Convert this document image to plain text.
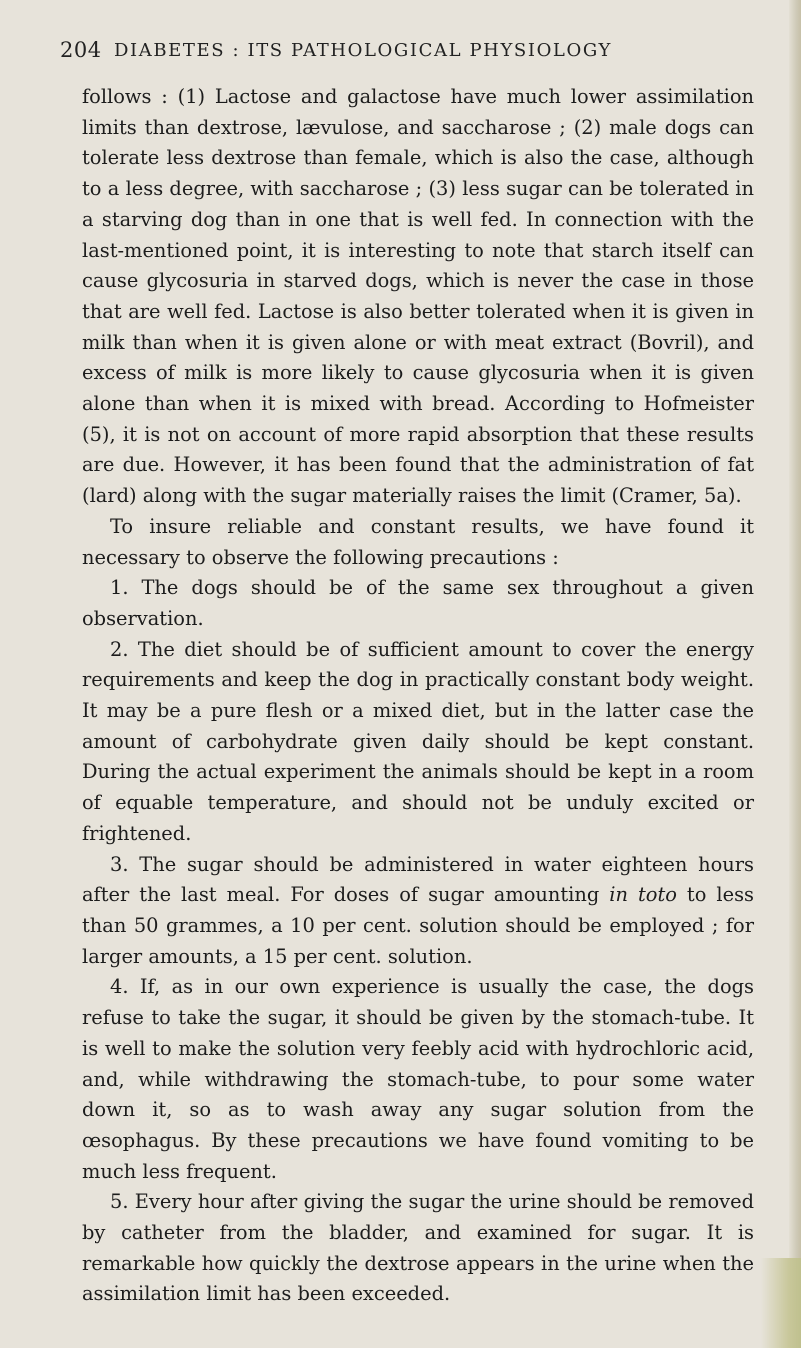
204 DIABETES : ITS PATHOLOGICAL PHYSIOLOGY

follows : (1) Lactose and galactose have much lower assimilation limits than dextrose, lævulose, and saccharose ; (2) male dogs can tolerate less dextrose than female, which is also the case, although to a less degree, with saccharose ; (3) less sugar can be tolerated in a starving dog than in one that is well fed. In connection with the last-mentioned point, it is interesting to note that starch itself can cause glycosuria in starved dogs, which is never the case in those that are well fed. Lactose is also better tolerated when it is given in milk than when it is given alone or with meat extract (Bovril), and excess of milk is more likely to cause glycosuria when it is given alone than when it is mixed with bread. According to Hofmeister (5), it is not on account of more rapid absorption that these results are due. However, it has been found that the administration of fat (lard) along with the sugar materially raises the limit (Cramer, 5a).

To insure reliable and constant results, we have found it necessary to observe the following precautions :

1. The dogs should be of the same sex throughout a given observation.

2. The diet should be of sufficient amount to cover the energy requirements and keep the dog in practically constant body weight. It may be a pure flesh or a mixed diet, but in the latter case the amount of carbohydrate given daily should be kept constant. During the actual experiment the animals should be kept in a room of equable temperature, and should not be unduly excited or frightened.

3. The sugar should be administered in water eighteen hours after the last meal. For doses of sugar amounting in toto to less than 50 grammes, a 10 per cent. solution should be employed ; for larger amounts, a 15 per cent. solution.

4. If, as in our own experience is usually the case, the dogs refuse to take the sugar, it should be given by the stomach-tube. It is well to make the solution very feebly acid with hydrochloric acid, and, while withdrawing the stomach-tube, to pour some water down it, so as to wash away any sugar solution from the œsophagus. By these precautions we have found vomiting to be much less frequent.

5. Every hour after giving the sugar the urine should be removed by catheter from the bladder, and examined for sugar. It is remarkable how quickly the dextrose appears in the urine when the assimilation limit has been exceeded.
